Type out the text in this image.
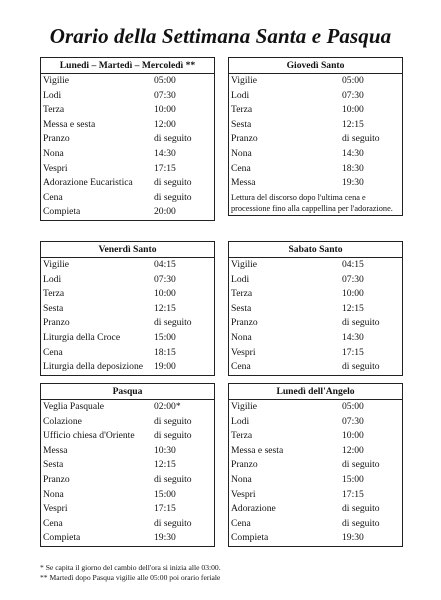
Orario della Settimana Santa e Pasqua
Lunedi – Martedì – Mercoledì **
Vigilie	05:00
Lodi	07:30
Terza	10:00
Messa e sesta	12:00
Pranzo	di seguito
Nona	14:30
Vespri	17:15
Adorazione Eucaristica di seguito
Cena	di seguito
Compieta	20:00
Giovedì Santo
Vigilie	05:00
Lodi	07:30
Terza	10:00
Sesta	12:15
Pranzo	di seguito
Nona	14:30
Cena	18:30
Messa	19:30
Lettura del discorso dopo l'ultima cena e processione fino alla cappellina per l'adorazione.
Venerdì Santo
Vigilie	04:15
Lodi	07:30
Terza	10:00
Sesta	12:15
Pranzo	di seguito
Liturgia della Croce	15:00
Cena	18:15
Liturgia della deposizione 19:00
Sabato Santo
Vigilie	04:15
Lodi	07:30
Terza	10:00
Sesta	12:15
Pranzo	di seguito
Nona	14:30
Vespri	17:15
Cena	di seguito
Pasqua
Veglia Pasquale	02:00*
Colazione	di seguito
Ufficio chiesa d'Oriente di seguito
Messa	10:30
Sesta	12:15
Pranzo	di seguito
Nona	15:00
Vespri	17:15
Cena	di seguito
Compieta	19:30
Lunedì dell'Angelo
Vigilie	05:00
Lodi	07:30
Terza	10:00
Messa e sesta	12:00
Pranzo	di seguito
Nona	15:00
Vespri	17:15
Adorazione	di seguito
Cena	di seguito
Compieta	19:30
* Se capita il giorno del cambio dell'ora si inizia alle 03:00.
** Martedì dopo Pasqua vigilie alle 05:00 poi orario feriale
